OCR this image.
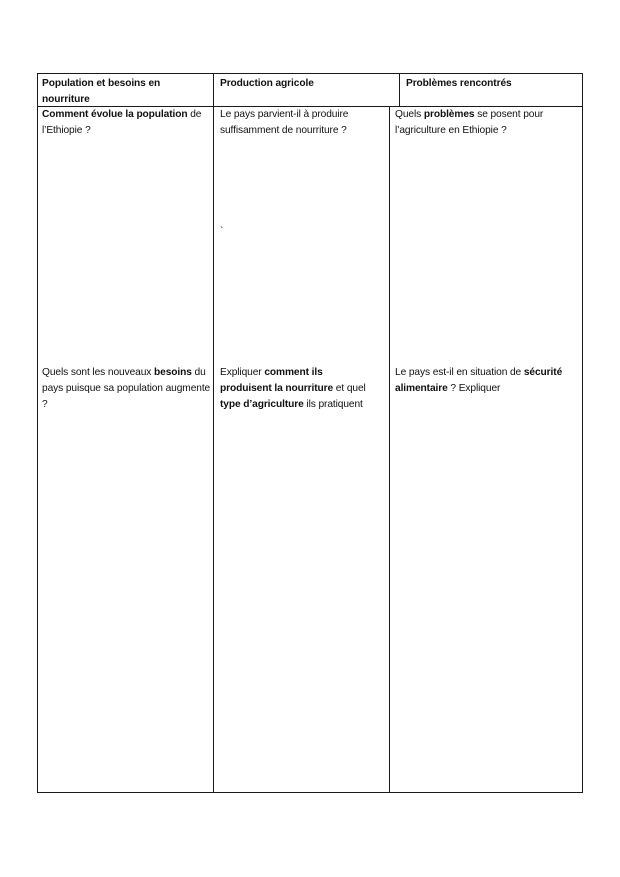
Population et besoins en nourriture
Production agricole	Problèmes rencontrés
Comment évolue la population de l’Ethiopie ?
Le pays parvient-il à produire suffisamment de nourriture ?
`
Quels problèmes se posent pour l’agriculture en Ethiopie ?
Quels sont les nouveaux besoins du pays puisque sa population augmente ?
Expliquer comment ils produisent la nourriture et quel type d’agriculture ils pratiquent
Le pays est-il en situation de sécurité alimentaire ? Expliquer
